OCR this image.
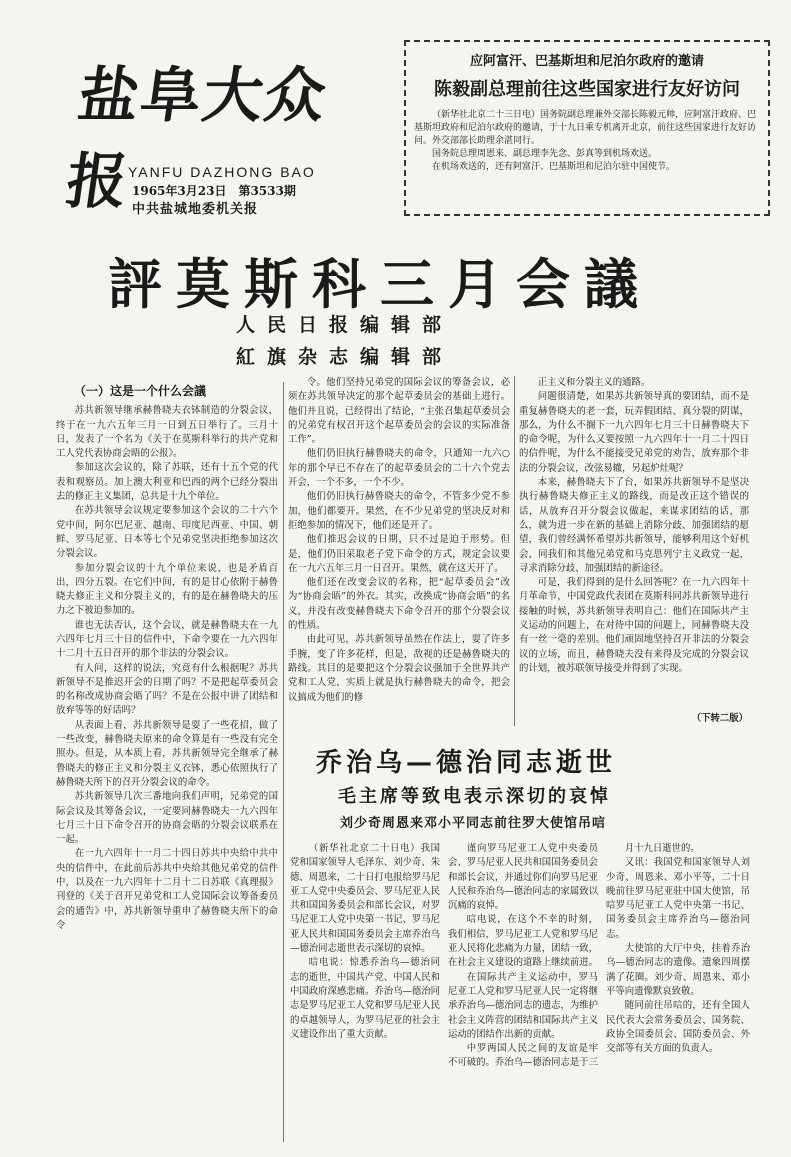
盐阜大众报
YANFU DAZHONG BAO
1965年3月23日　第3533期
中共盐城地委机关报
应阿富汗、巴基斯坦和尼泊尔政府的邀请
陈毅副总理前往这些国家进行友好访问
（新华社北京二十三日电）国务院副总理兼外交部长陈毅元帅，应阿富汗政府、巴基斯坦政府和尼泊尔政府的邀请，于十九日乘专机离开北京，前往这些国家进行友好访问。外交部部长助理余湛同行。
国务院总理周恩来、副总理李先念、彭真等到机场欢送。
在机场欢送的，还有阿富汗、巴基斯坦和尼泊尔驻中国使节。
評莫斯科三月会議
人民日报编辑部
紅旗杂志编辑部
（一）这是一个什么会議

苏共新领导继承赫鲁晓夫衣钵制造的分裂会议，终于在一九六五年三月一日到五日举行了。三月十日，发表了一个名为《关于在莫斯科举行的共产党和工人党代表协商会晤的公报》。

参加这次会议的，除了苏联，还有十五个党的代表和观察员。加上澳大利亚和巴西的两个已经分裂出去的修正主义集团，总共是十九个单位。

在苏共领导会议规定要参加这个会议的二十六个党中间，阿尔巴尼亚、越南、印度尼西亚、中国、朝鲜、罗马尼亚、日本等七个兄弟党坚决拒绝参加这次分裂会议。

参加分裂会议的十九个单位来说，也是矛盾百出，四分五裂。在它们中间，有的是甘心依附于赫鲁晓夫修正主义和分裂主义的，有的是在赫鲁晓夫的压力之下被迫参加的。

谁也无法否认，这个会议，就是赫鲁晓夫在一九六四年七月三十日的信件中，下命令要在一九六四年十二月十五日召开的那个非法的分裂会议。

有人问，这样的说法，究竟有什么根据呢？苏共新领导不是推迟开会的日期了吗？不是把起草委员会的名称改成协商会晤了吗？不是在公报中讲了团结和放弃等等的好话吗？

从表面上看，苏共新领导是耍了一些花招，做了一些改变，赫鲁晓夫原来的命令算是有一些没有完全照办。但是，从本质上看，苏共新领导完全继承了赫鲁晓夫的修正主义和分裂主义衣钵，悉心依照执行了赫鲁晓夫所下的召开分裂会议的命令。

苏共新领导几次三番地向我们声明，兄弟党的国际会议及其筹备会议，一定要同赫鲁晓夫一九六四年七月三十日下命令召开的协商会晤的分裂会议联系在一起。

在一九六四年十一月二十四日苏共中央给中共中央的信件中，在此前后苏共中央给其他兄弟党的信件中，以及在一九六四年十二月十二日苏联《真理报》刊登的《关于召开兄弟党和工人党国际会议筹备委员会的通告》中，苏共新领导重申了赫鲁晓夫所下的命令

令。他们坚持兄弟党的国际会议的筹备会议，必须在苏共领导决定的那个起草委员会的基础上进行。他们并且说，已经得出了结论，“主张召集起草委员会的兄弟党有权召开这个起草委员会的会议的实际准备工作”。

他们仍旧执行赫鲁晓夫的命令，只通知一九六○年的那个早已不存在了的起草委员会的二十六个党去开会，一个不多，一个不少。

他们仍旧执行赫鲁晓夫的命令，不管多少党不参加，他们都要开。果然，在不少兄弟党的坚决反对和拒绝参加的情况下，他们还是开了。

他们推迟会议的日期，只不过是迫于形势。但是，他们仍旧采取老子党下命令的方式，规定会议要在一九六五年三月一日召开。果然，就在这天开了。

他们还在改变会议的名称，把“起草委员会”改为“协商会晤”的外衣。其实，改换成“协商会晤”的名义，并没有改变赫鲁晓夫下命令召开的那个分裂会议的性质。

由此可见，苏共新领导虽然在作法上，耍了许多手腕，变了许多花样，但是，敌视的还是赫鲁晓夫的路线。其目的是要把这个分裂会议强加于全世界共产党和工人党，实质上就是执行赫鲁晓夫的命令，把会议搞成为他们的修

正主义和分裂主义的通路。

问题很清楚，如果苏共新领导真的要团结，而不是重复赫鲁晓夫的老一套，玩弄假团结、真分裂的阴谋，那么，为什么不搁下一九六四年七月三十日赫鲁晓夫下的命令呢，为什么又要按照一九六四年十一月二十四日的信件呢，为什么不能接受兄弟党的劝告，放弃那个非法的分裂会议，改弦易辙，另起炉灶呢？

本来，赫鲁晓夫下了台，如果苏共新领导不是坚决执行赫鲁晓夫修正主义的路线，而是改正这个错误的话，从放弃召开分裂会议做起，来谋求团结的话，那么，就为进一步在新的基础上消除分歧、加强团结的愿望，我们曾经满怀希望苏共新领导，能够利用这个好机会，同我们和其他兄弟党和马克思列宁主义政党一起，寻求消除分歧、加强团结的新途径。

可是，我们得到的是什么回答呢？在一九六四年十月革命节，中国党政代表团在莫斯科同苏共新领导进行接触的时候，苏共新领导表明自己：他们在国际共产主义运动的问题上，在对待中国的问题上，同赫鲁晓夫没有一丝一毫的差别。他们顽固地坚持召开非法的分裂会议的立场，而且，赫鲁晓夫没有来得及完成的分裂会议的计划，被苏联领导接受并得到了实现。

（下转二版）
乔治乌—德治同志逝世
毛主席等致电表示深切的哀悼
刘少奇周恩来邓小平同志前往罗大使馆吊唁

（新华社北京二十日电）我国党和国家领导人毛泽东、刘少奇、朱德、周恩来，二十日打电报给罗马尼亚工人党中央委员会、罗马尼亚人民共和国国务委员会和部长会议，对罗马尼亚工人党中央第一书记、罗马尼亚人民共和国国务委员会主席乔治乌—德治同志逝世表示深切的哀悼。

唁电说：惊悉乔治乌—德治同志的逝世，中国共产党、中国人民和中国政府深感悲痛。乔治乌—德治同志是罗马尼亚工人党和罗马尼亚人民的卓越领导人，为罗马尼亚的社会主义建设作出了重大贡献。

谨向罗马尼亚工人党中央委员会、罗马尼亚人民共和国国务委员会和部长会议，并通过你们向罗马尼亚人民和乔治乌—德治同志的家属致以沉痛的哀悼。

唁电说，在这个不幸的时刻，我们相信，罗马尼亚工人党和罗马尼亚人民将化悲痛为力量，团结一致，在社会主义建设的道路上继续前进。

在国际共产主义运动中，罗马尼亚工人党和罗马尼亚人民一定将继承乔治乌—德治同志的遗志，为维护社会主义阵营的团结和国际共产主义运动的团结作出新的贡献。

中罗两国人民之间的友谊是牢不可破的。乔治乌—德治同志是于三

月十九日逝世的。

又讯：我国党和国家领导人刘少奇、周恩来、邓小平等，二十日晚前往罗马尼亚驻中国大使馆，吊唁罗马尼亚工人党中央第一书记、国务委员会主席乔治乌—德治同志。

大使馆的大厅中央，挂着乔治乌—德治同志的遗像。遗象四周摆满了花圈。刘少奇、周恩来、邓小平等向遗像默哀致敬。

随同前往吊唁的，还有全国人民代表大会常务委员会、国务院、政协全国委员会、国防委员会、外交部等有关方面的负责人。
